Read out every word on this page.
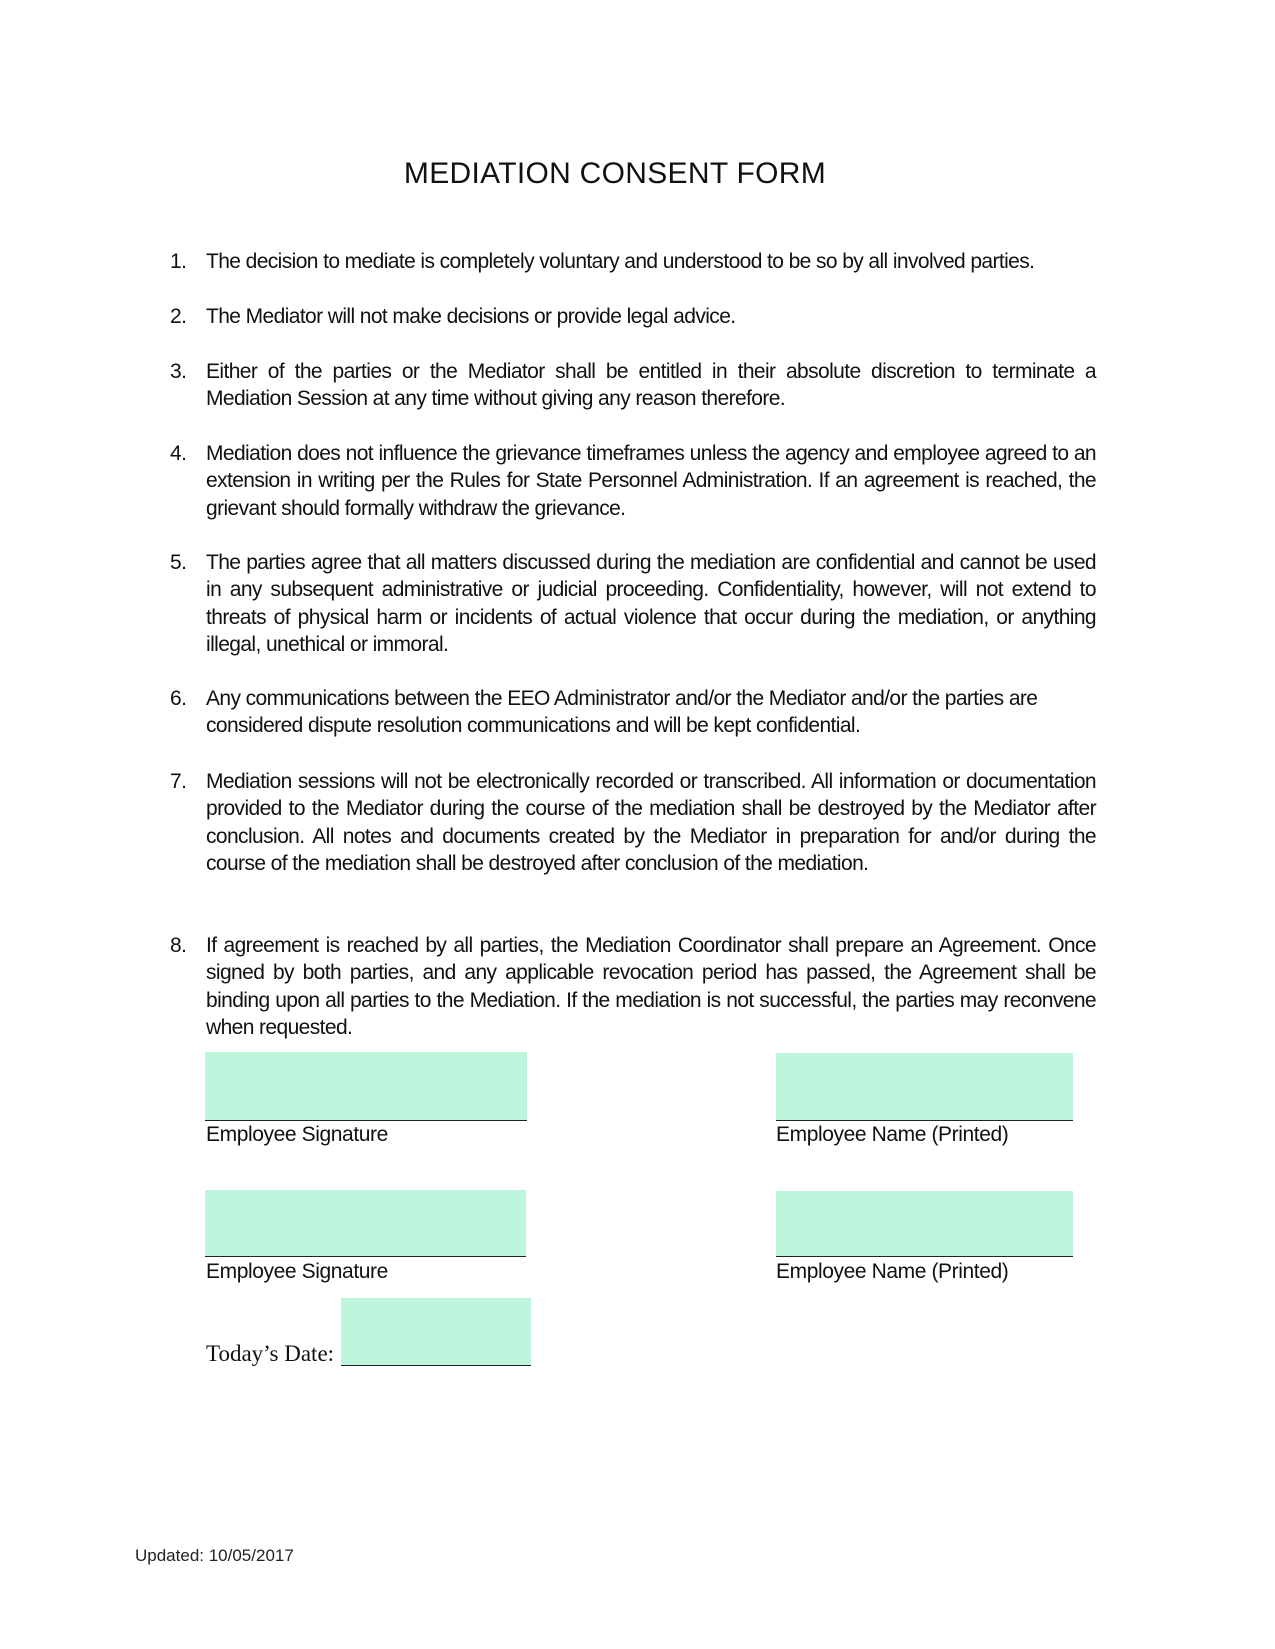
MEDIATION CONSENT FORM
1. The decision to mediate is completely voluntary and understood to be so by all involved parties.
2. The Mediator will not make decisions or provide legal advice.
3. Either of the parties or the Mediator shall be entitled in their absolute discretion to terminate a Mediation Session at any time without giving any reason therefore.
4. Mediation does not influence the grievance timeframes unless the agency and employee agreed to an extension in writing per the Rules for State Personnel Administration. If an agreement is reached, the grievant should formally withdraw the grievance.
5. The parties agree that all matters discussed during the mediation are confidential and cannot be used in any subsequent administrative or judicial proceeding. Confidentiality, however, will not extend to threats of physical harm or incidents of actual violence that occur during the mediation, or anything illegal, unethical or immoral.
6. Any communications between the EEO Administrator and/or the Mediator and/or the parties are considered dispute resolution communications and will be kept confidential.
7. Mediation sessions will not be electronically recorded or transcribed. All information or documentation provided to the Mediator during the course of the mediation shall be destroyed by the Mediator after conclusion. All notes and documents created by the Mediator in preparation for and/or during the course of the mediation shall be destroyed after conclusion of the mediation.
8. If agreement is reached by all parties, the Mediation Coordinator shall prepare an Agreement. Once signed by both parties, and any applicable revocation period has passed, the Agreement shall be binding upon all parties to the Mediation. If the mediation is not successful, the parties may reconvene when requested.
Employee Signature	Employee Name (Printed)
Employee Signature	Employee Name (Printed)
Today’s Date:
Updated: 10/05/2017
